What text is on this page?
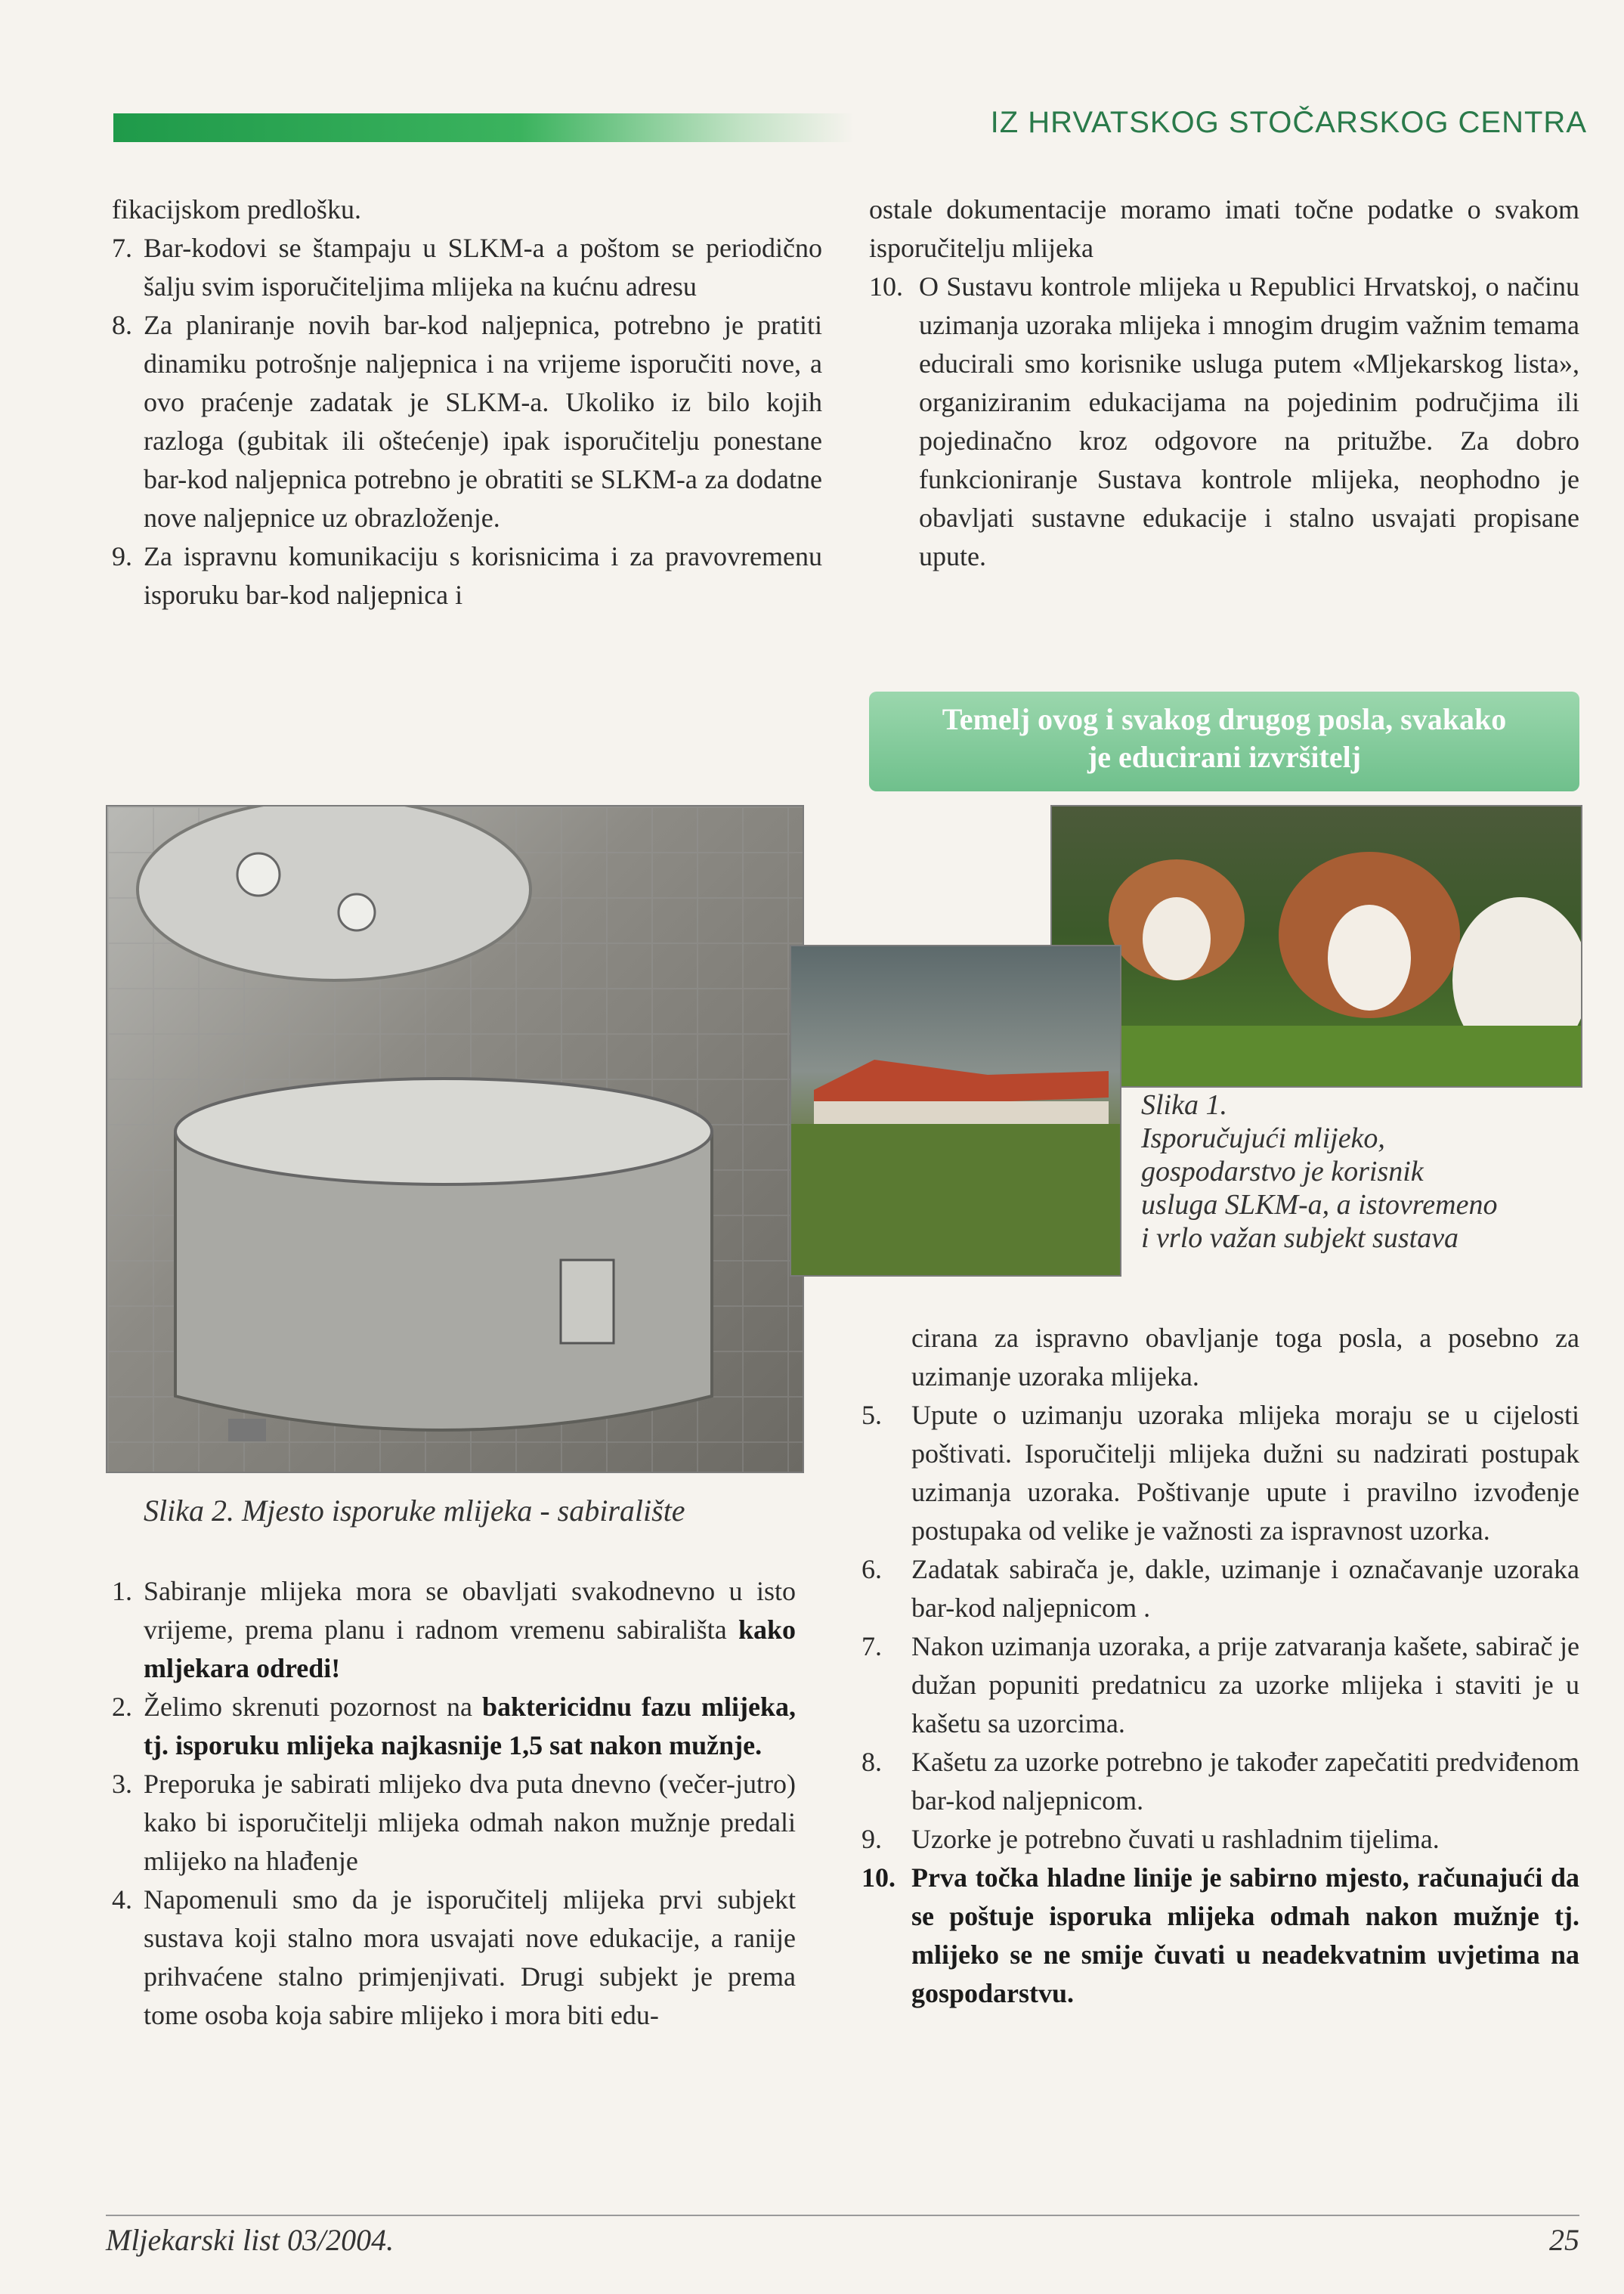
IZ HRVATSKOG STOČARSKOG CENTRA

fikacijskom predlošku.

7. Bar-kodovi se štampaju u SLKM-a a poštom se periodično šalju svim isporučiteljima mlijeka na kućnu adresu
8. Za planiranje novih bar-kod naljepnica, potrebno je pratiti dinamiku potrošnje naljepnica i na vrijeme isporučiti nove, a ovo praćenje zadatak je SLKM-a. Ukoliko iz bilo kojih razloga (gubitak ili oštećenje) ipak isporučitelju ponestane bar-kod naljepnica potrebno je obratiti se SLKM-a za dodatne nove naljepnice uz obrazloženje.
9. Za ispravnu komunikaciju s korisnicima i za pravovremenu isporuku bar-kod naljepnica i

ostale dokumentacije moramo imati točne podatke o svakom isporučitelju mlijeka

10. O Sustavu kontrole mlijeka u Republici Hrvatskoj, o načinu uzimanja uzoraka mlijeka i mnogim drugim važnim temama educirali smo korisnike usluga putem «Mljekarskog lista», organiziranim edukacijama na pojedinim područjima ili pojedinačno kroz odgovore na pritužbe. Za dobro funkcioniranje Sustava kontrole mlijeka, neophodno je obavljati sustavne edukacije i stalno usvajati propisane upute.
Temelj ovog i svakog drugog posla, svakako
je educirani izvršitelj
Slika 1.
Isporučujući mlijeko,
gospodarstvo je korisnik
usluga SLKM-a, a istovremeno
i vrlo važan subjekt sustava
Slika 2. Mjesto isporuke mlijeka - sabiralište
1. Sabiranje mlijeka mora se obavljati svakodnevno u isto vrijeme, prema planu i radnom vremenu sabirališta kako mljekara odredi!
2. Želimo skrenuti pozornost na baktericidnu fazu mlijeka, tj. isporuku mlijeka najkasnije 1,5 sat nakon mužnje.
3. Preporuka je sabirati mlijeko dva puta dnevno (večer-jutro) kako bi isporučitelji mlijeka odmah nakon mužnje predali mlijeko na hlađenje
4. Napomenuli smo da je isporučitelj mlijeka prvi subjekt sustava koji stalno mora usvajati nove edukacije, a ranije prihvaćene stalno primjenjivati. Drugi subjekt je prema tome osoba koja sabire mlijeko i mora biti edu-

cirana za ispravno obavljanje toga posla, a posebno za uzimanje uzoraka mlijeka.

5.	Upute o uzimanju uzoraka mlijeka moraju se u cijelosti poštivati. Isporučitelji mlijeka dužni su nadzirati postupak uzimanja uzoraka. Poštivanje upute i pravilno izvođenje postupaka od velike je važnosti za ispravnost uzorka.
6.	Zadatak sabirača je, dakle, uzimanje i označavanje uzoraka bar-kod naljepnicom .
7.	Nakon uzimanja uzoraka, a prije zatvaranja kašete, sabirač je dužan popuniti predatnicu za uzorke mlijeka i staviti je u kašetu sa uzorcima.
8.	Kašetu za uzorke potrebno je također zapečatiti predviđenom bar-kod naljepnicom.
9.	Uzorke je potrebno čuvati u rashladnim tijelima.
10. Prva točka hladne linije je sabirno mjesto, računajući da se poštuje isporuka mlijeka odmah nakon mužnje tj. mlijeko se ne smije čuvati u neadekvatnim uvjetima na gospodarstvu.
Mljekarski list 03/2004.	25
